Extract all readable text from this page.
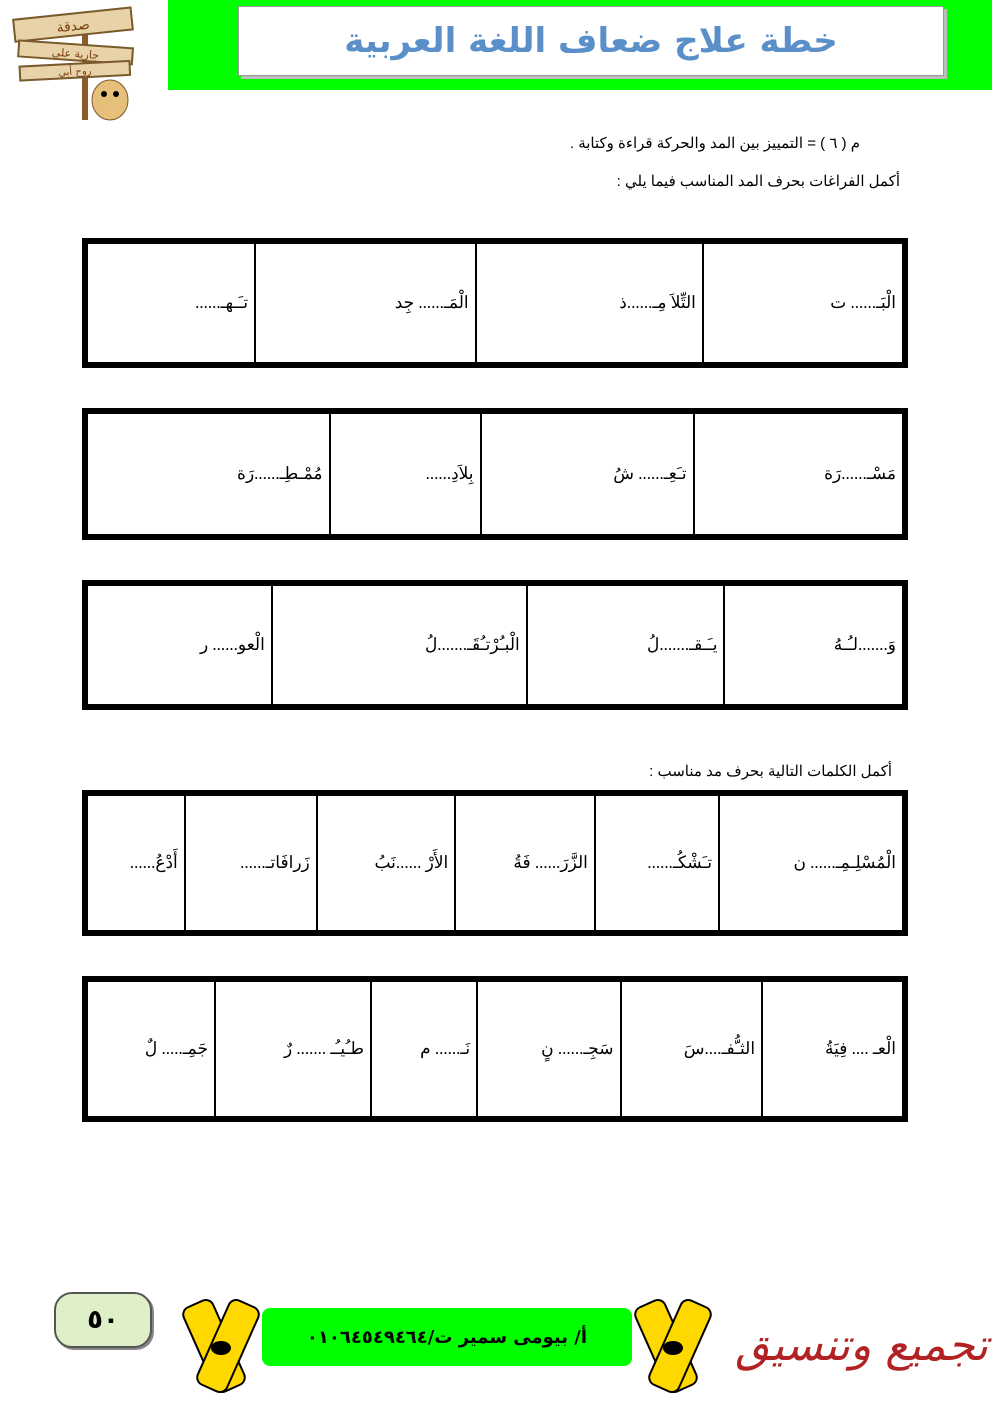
خطة علاج ضعاف اللغة العربية
صدقة
جارية على
روح أبي
م ( ٦ ) = التمييز بين المد والحركة قراءة وكتابة .
أكمل الفراغات بحرف المد المناسب فيما يلي :
الْبَـ...... ت	التِّلاَ مِـ......ذ	الْمَـ...... جِد	تـَـهـ......
مَسْـ......رَة	تـَعِـ...... شُ	بِلاَدِ......	مُمْـطِـ......رَة
وَ.......لـُـهُ	يـَـقـ.......لُ	الْبـُرْتـُقَـ.......لُ	الْعو...... ر
أكمل الكلمات التالية بحرف مد مناسب :
الْمُسْلِـمِـ...... ن	تـَشْكُـ......	الزَّرَ...... فَةُ	الأَرْ ......نَبُ	زَرافَاتـ......	أَدْعُ......
الْعـ .... فِيَةُ	الثـُّفـ....سَ	سَجِـ...... نٍ	نَـ...... م	طـُيـُـ ....... رٌ	جَمِـ..... لٌ
٥٠
أ/ بيومى سمير ت/٠١٠٦٤٥٤٩٤٦٤	تجميع وتنسيق
